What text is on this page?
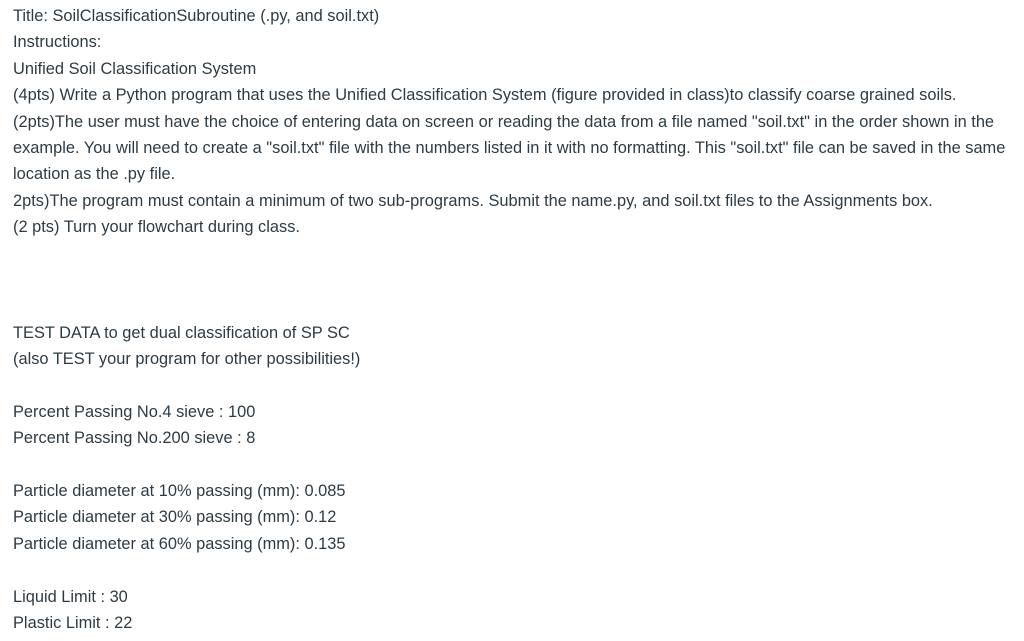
Title: SoilClassificationSubroutine (.py, and soil.txt)
Instructions:
Unified Soil Classification System
(4pts) Write a Python program that uses the Unified Classification System (figure provided in class)to classify coarse grained soils. (2pts)The user must have the choice of entering data on screen or reading the data from a file named "soil.txt" in the order shown in the example. You will need to create a "soil.txt" file with the numbers listed in it with no formatting. This "soil.txt" file can be saved in the same location as the .py file.
2pts)The program must contain a minimum of two sub-programs. Submit the name.py, and soil.txt files to the Assignments box.
(2 pts) Turn your flowchart during class.
TEST DATA to get dual classification of SP SC
(also TEST your program for other possibilities!)
Percent Passing No.4 sieve : 100
Percent Passing No.200 sieve : 8
Particle diameter at 10% passing (mm): 0.085
Particle diameter at 30% passing (mm): 0.12
Particle diameter at 60% passing (mm): 0.135
Liquid Limit : 30
Plastic Limit : 22
